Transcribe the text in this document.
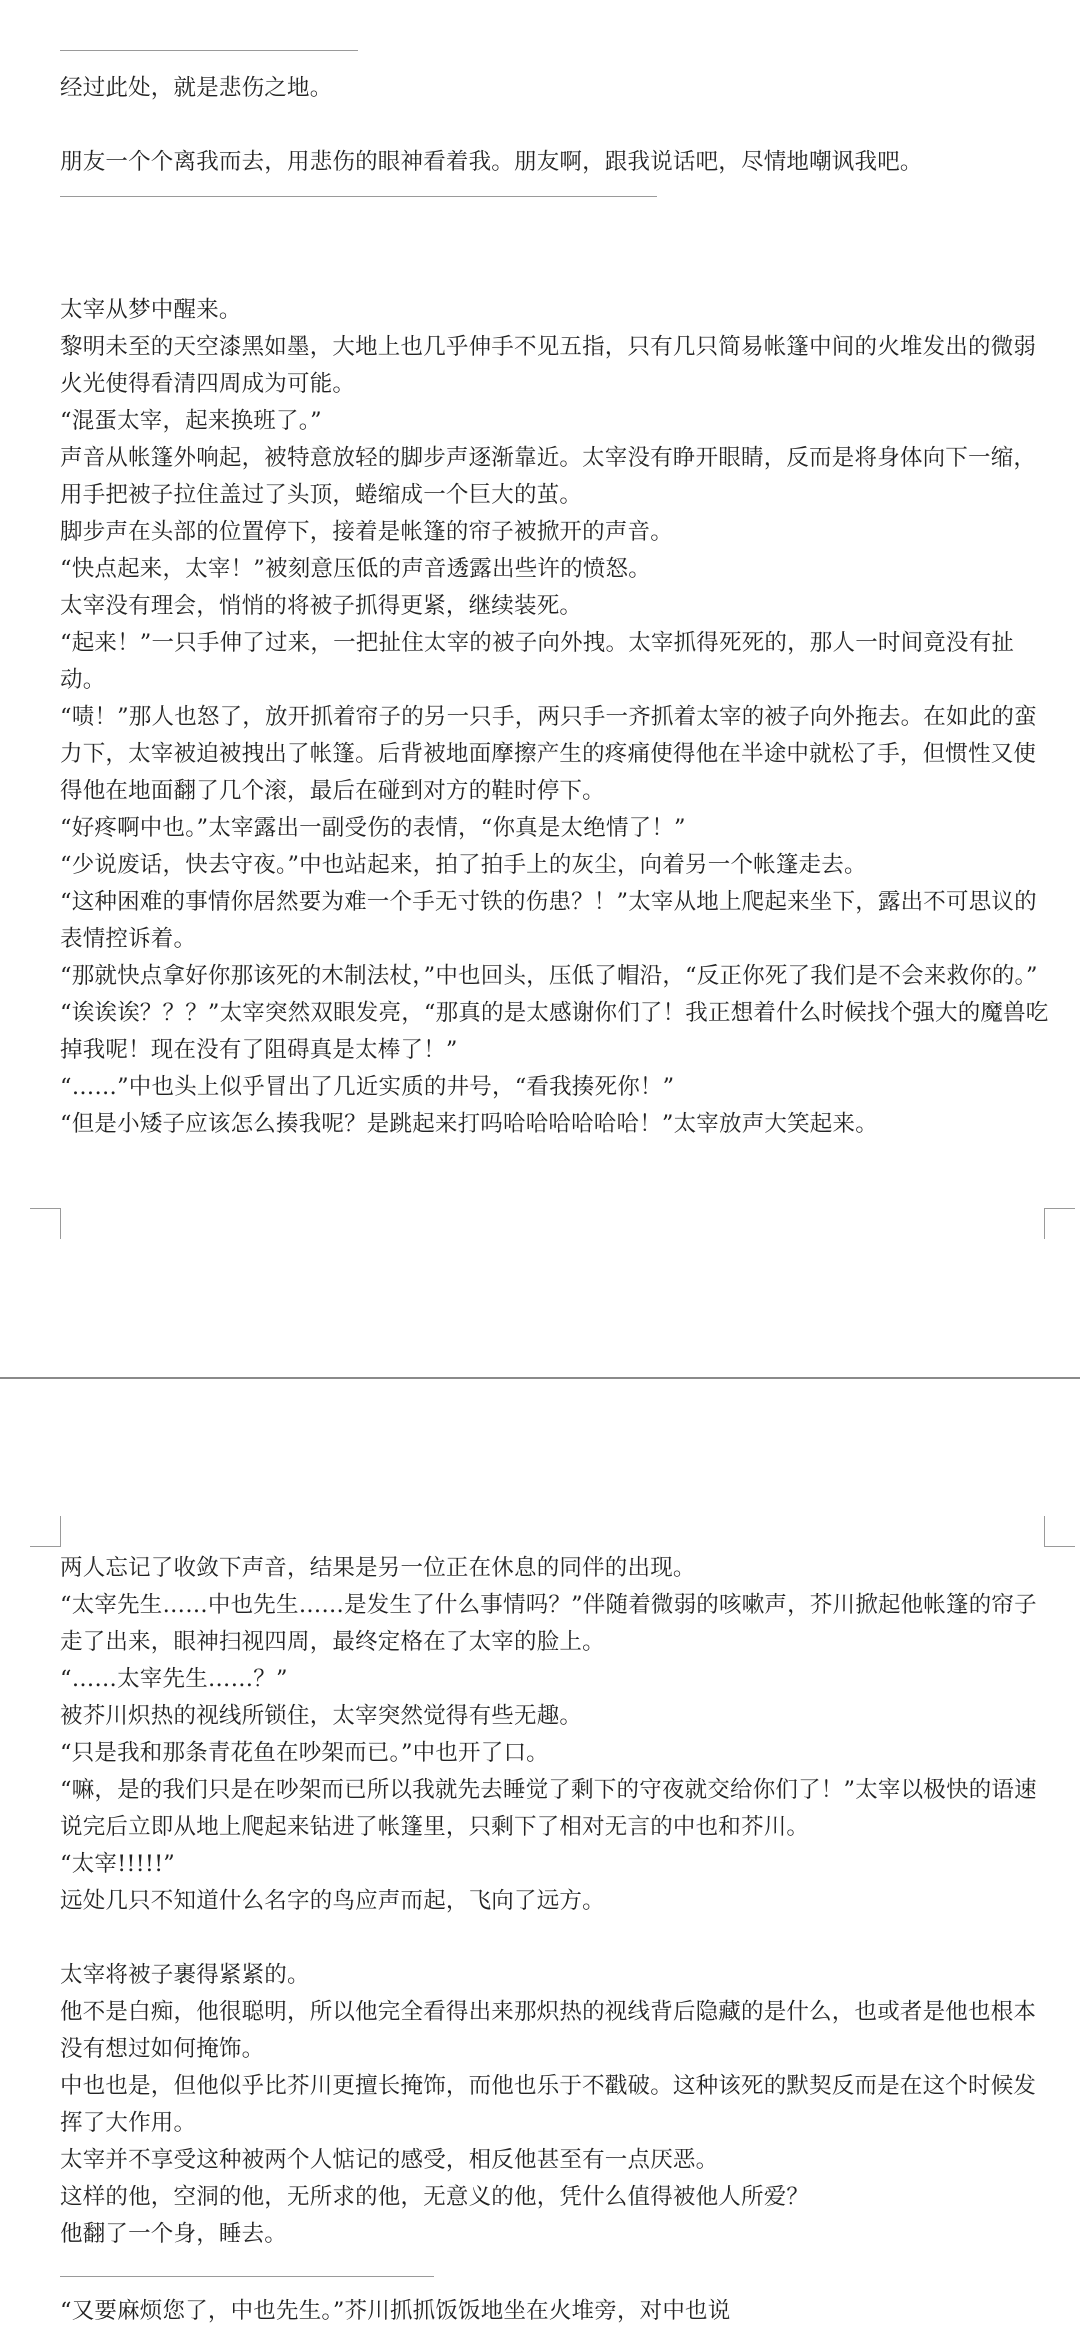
经过此处，就是悲伤之地。

朋友一个个离我而去，用悲伤的眼神看着我。朋友啊，跟我说话吧，尽情地嘲讽我吧。

太宰从梦中醒来。

黎明未至的天空漆黑如墨，大地上也几乎伸手不见五指，只有几只简易帐篷中间的火堆发出的微弱火光使得看清四周成为可能。

“混蛋太宰，起来换班了。”

声音从帐篷外响起，被特意放轻的脚步声逐渐靠近。太宰没有睁开眼睛，反而是将身体向下一缩，用手把被子拉住盖过了头顶，蜷缩成一个巨大的茧。

脚步声在头部的位置停下，接着是帐篷的帘子被掀开的声音。

“快点起来，太宰！”被刻意压低的声音透露出些许的愤怒。

太宰没有理会，悄悄的将被子抓得更紧，继续装死。

“起来！”一只手伸了过来，一把扯住太宰的被子向外拽。太宰抓得死死的，那人一时间竟没有扯动。

“啧！”那人也怒了，放开抓着帘子的另一只手，两只手一齐抓着太宰的被子向外拖去。在如此的蛮力下，太宰被迫被拽出了帐篷。后背被地面摩擦产生的疼痛使得他在半途中就松了手，但惯性又使得他在地面翻了几个滚，最后在碰到对方的鞋时停下。

“好疼啊中也。”太宰露出一副受伤的表情，“你真是太绝情了！”

“少说废话，快去守夜。”中也站起来，拍了拍手上的灰尘，向着另一个帐篷走去。

“这种困难的事情你居然要为难一个手无寸铁的伤患？！”太宰从地上爬起来坐下，露出不可思议的表情控诉着。

“那就快点拿好你那该死的木制法杖，”中也回头，压低了帽沿，“反正你死了我们是不会来救你的。”

“诶诶诶？？？”太宰突然双眼发亮，“那真的是太感谢你们了！我正想着什么时候找个强大的魔兽吃掉我呢！现在没有了阻碍真是太棒了！”

“……”中也头上似乎冒出了几近实质的井号，“看我揍死你！”

“但是小矮子应该怎么揍我呢？是跳起来打吗哈哈哈哈哈哈！”太宰放声大笑起来。

两人忘记了收敛下声音，结果是另一位正在休息的同伴的出现。

“太宰先生……中也先生……是发生了什么事情吗？”伴随着微弱的咳嗽声，芥川掀起他帐篷的帘子走了出来，眼神扫视四周，最终定格在了太宰的脸上。

“……太宰先生……？”

被芥川炽热的视线所锁住，太宰突然觉得有些无趣。

“只是我和那条青花鱼在吵架而已。”中也开了口。

“嘛，是的我们只是在吵架而已所以我就先去睡觉了剩下的守夜就交给你们了！”太宰以极快的语速说完后立即从地上爬起来钻进了帐篷里，只剩下了相对无言的中也和芥川。

“太宰!!!!!”

远处几只不知道什么名字的鸟应声而起，飞向了远方。

太宰将被子裹得紧紧的。

他不是白痴，他很聪明，所以他完全看得出来那炽热的视线背后隐藏的是什么，也或者是他也根本没有想过如何掩饰。

中也也是，但他似乎比芥川更擅长掩饰，而他也乐于不戳破。这种该死的默契反而是在这个时候发挥了大作用。

太宰并不享受这种被两个人惦记的感受，相反他甚至有一点厌恶。

这样的他，空洞的他，无所求的他，无意义的他，凭什么值得被他人所爱？

他翻了一个身，睡去。

“又要麻烦您了，中也先生。”芥川抓抓饭饭地坐在火堆旁，对中也说
